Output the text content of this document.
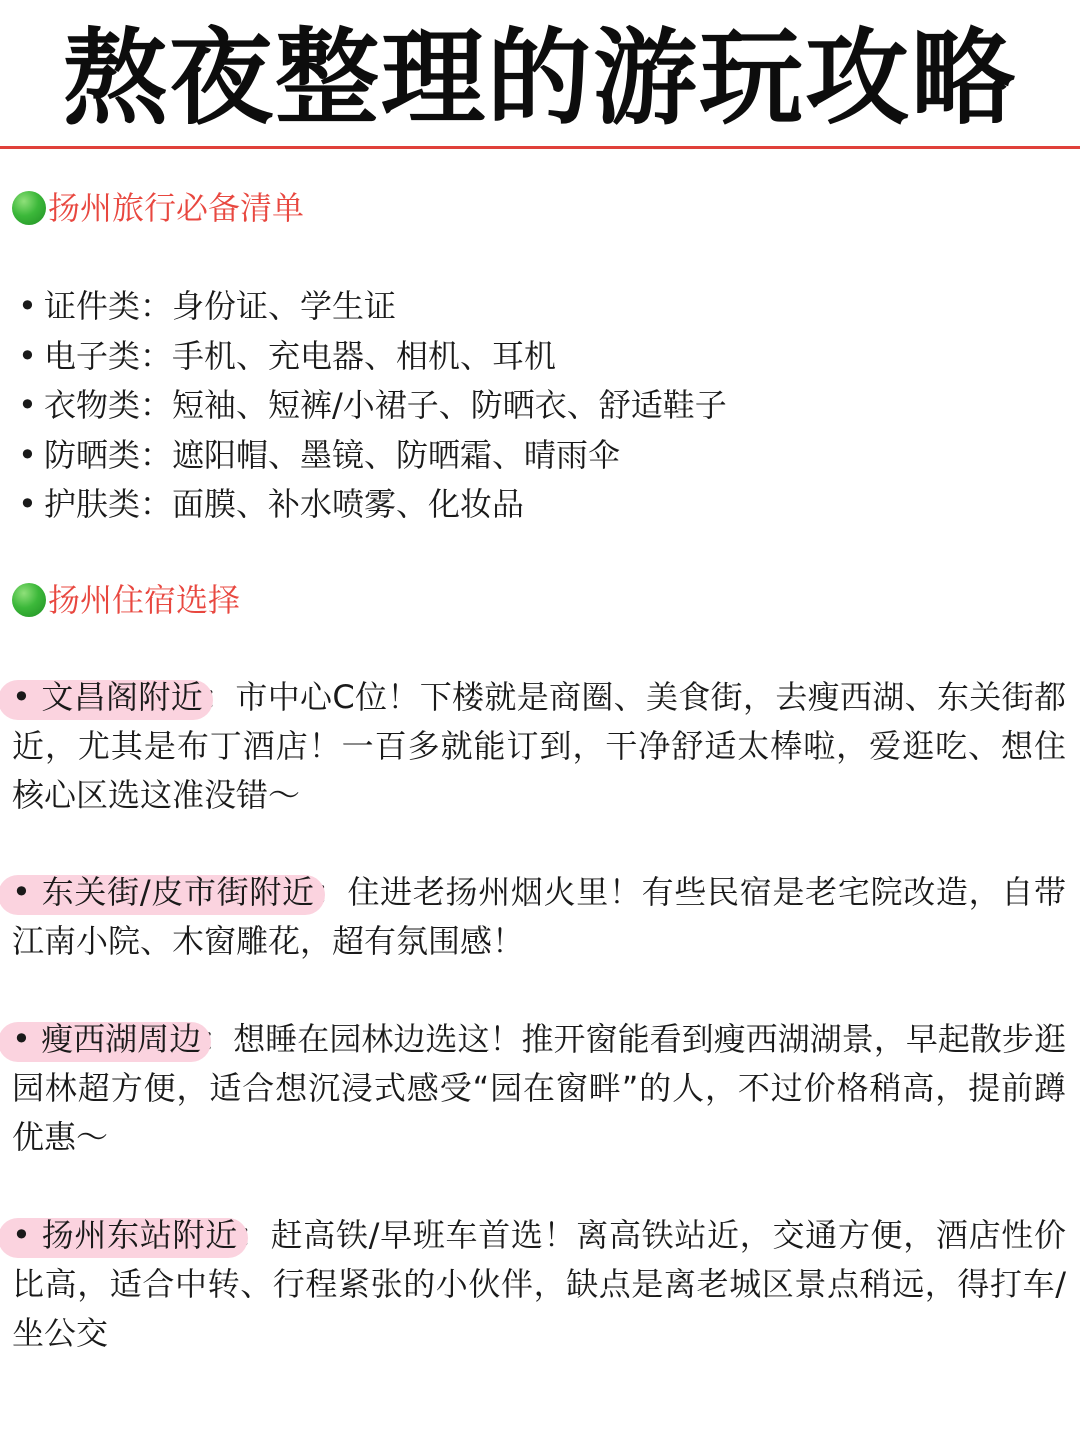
熬夜整理的游玩攻略
扬州旅行必备清单
• 证件类：身份证、学生证
• 电子类：手机、充电器、相机、耳机
• 衣物类：短袖、短裤/小裙子、防晒衣、舒适鞋子
• 防晒类：遮阳帽、墨镜、防晒霜、晴雨伞
• 护肤类：面膜、补水喷雾、化妆品
扬州住宿选择
• 文昌阁附近：市中心C位！下楼就是商圈、美食街，去瘦西湖、东关街都近，尤其是布丁酒店！一百多就能订到，干净舒适太棒啦，爱逛吃、想住核心区选这准没错～
• 东关街/皮市街附近：住进老扬州烟火里！有些民宿是老宅院改造，自带江南小院、木窗雕花，超有氛围感！
• 瘦西湖周边：想睡在园林边选这！推开窗能看到瘦西湖湖景，早起散步逛园林超方便，适合想沉浸式感受“园在窗畔”的人，不过价格稍高，提前蹲优惠～
• 扬州东站附近：赶高铁/早班车首选！离高铁站近，交通方便，酒店性价比高，适合中转、行程紧张的小伙伴，缺点是离老城区景点稍远，得打车/坐公交
